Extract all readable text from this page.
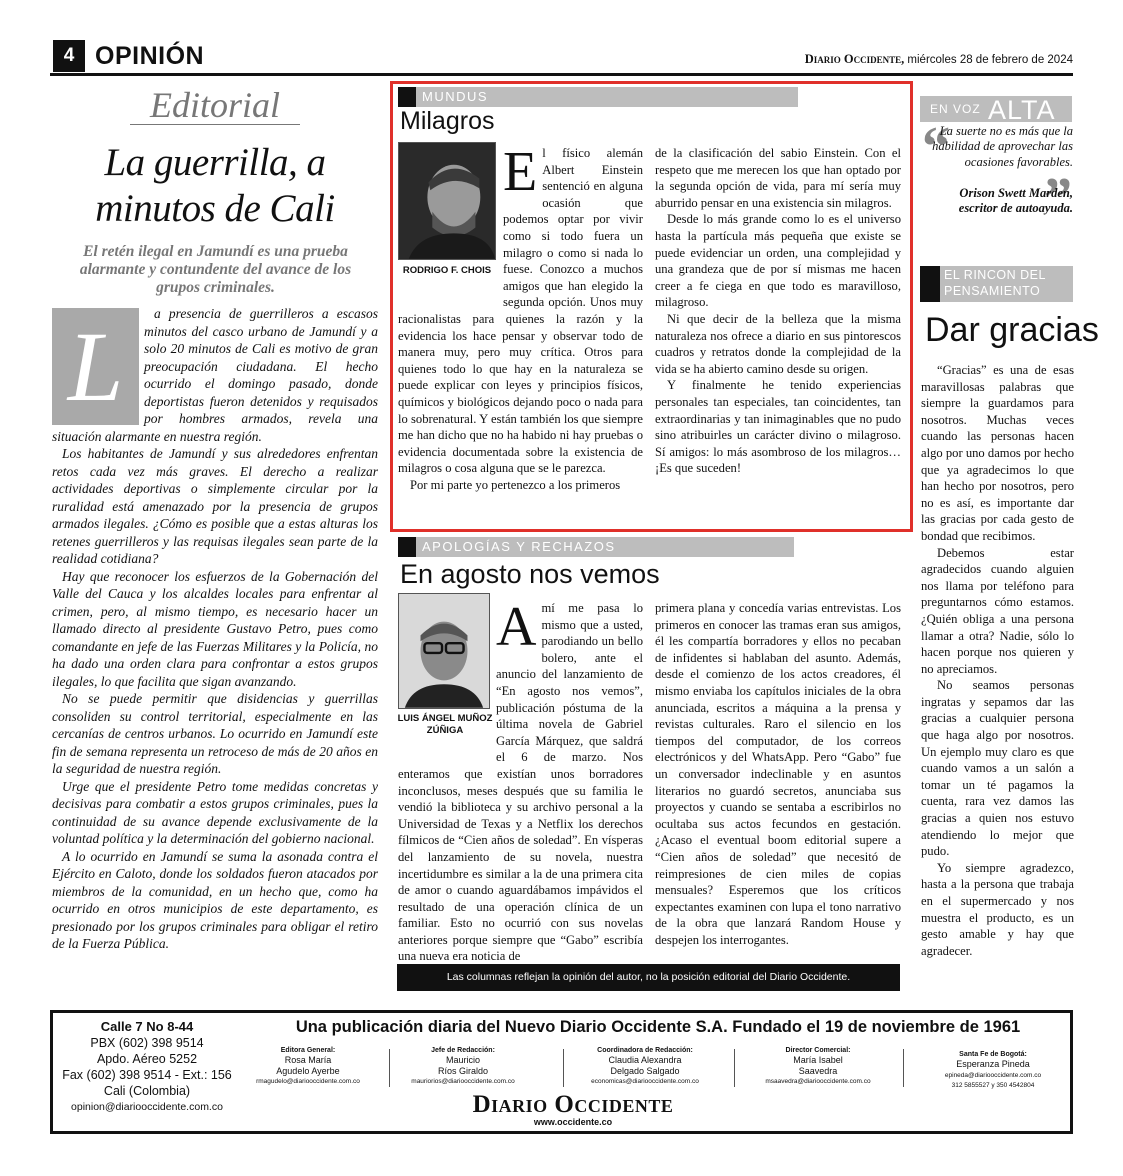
4 OPINIÓN	Diario Occidente, miércoles 28 de febrero de 2024
Editorial
La guerrilla, a minutos de Cali
El retén ilegal en Jamundí es una prueba alarmante y contundente del avance de los grupos criminales.

a presencia de guerrilleros a escasos minutos del casco urbano de Jamundí y a solo 20 minutos de Cali es motivo de gran preocupación ciudadana. El hecho ocurrido el domingo pasado, donde deportistas fueron detenidos y requisados por hombres armados, revela una situación alarmante en nuestra región.

Los habitantes de Jamundí y sus alrededores enfrentan retos cada vez más graves. El derecho a realizar actividades deportivas o simplemente circular por la ruralidad está amenazado por la presencia de grupos armados ilegales. ¿Cómo es posible que a estas alturas los retenes guerrilleros y las requisas ilegales sean parte de la realidad cotidiana?

Hay que reconocer los esfuerzos de la Gobernación del Valle del Cauca y los alcaldes locales para enfrentar al crimen, pero, al mismo tiempo, es necesario hacer un llamado directo al presidente Gustavo Petro, pues como comandante en jefe de las Fuerzas Militares y la Policía, no ha dado una orden clara para confrontar a estos grupos ilegales, lo que facilita que sigan avanzando.

No se puede permitir que disidencias y guerrillas consoliden su control territorial, especialmente en las cercanías de centros urbanos. Lo ocurrido en Jamundí este fin de semana representa un retroceso de más de 20 años en la seguridad de nuestra región.

Urge que el presidente Petro tome medidas concretas y decisivas para combatir a estos grupos criminales, pues la continuidad de su avance depende exclusivamente de la voluntad política y la determinación del gobierno nacional.

A lo ocurrido en Jamundí se suma la asonada contra el Ejército en Caloto, donde los soldados fueron atacados por miembros de la comunidad, en un hecho que, como ha ocurrido en otros municipios de este departamento, es presionado por los grupos criminales para obligar el retiro de la Fuerza Pública.

L
MUNDUS
Milagros
RODRIGO F. CHOIS
E l físico alemán Albert Einstein sentenció en alguna ocasión que podemos optar por vivir como si todo fuera un milagro o como si nada lo fuese. Conozco a muchos amigos que han elegido la segunda opción. Unos muy racionalistas para quienes la razón y la evidencia los hace pensar y observar todo de manera muy, pero muy crítica. Otros para quienes todo lo que hay en la naturaleza se puede explicar con leyes y principios físicos, químicos y biológicos dejando poco o nada para lo sobrenatural. Y están también los que siempre me han dicho que no ha habido ni hay pruebas o evidencia documentada sobre la existencia de milagros o cosa alguna que se le parezca.

Por mi parte yo pertenezco a los primeros

de la clasificación del sabio Einstein. Con el respeto que me merecen los que han optado por la segunda opción de vida, para mí sería muy aburrido pensar en una existencia sin milagros.

Desde lo más grande como lo es el universo hasta la partícula más pequeña que existe se puede evidenciar un orden, una complejidad y una grandeza que de por sí mismas me hacen creer a fe ciega en que todo es maravilloso, milagroso.

Ni que decir de la belleza que la misma naturaleza nos ofrece a diario en sus pintorescos cuadros y retratos donde la complejidad de la vida se ha abierto camino desde su origen.

Y finalmente he tenido experiencias personales tan especiales, tan coincidentes, tan extraordinarias y tan inimaginables que no pudo sino atribuirles un carácter divino o milagroso. Sí amigos: lo más asombroso de los milagros… ¡Es que suceden!

APOLOGÍAS Y RECHAZOS
En agosto nos vemos
LUIS ÁNGEL MUÑOZ ZÚÑIGA
A mí me pasa lo mismo que a usted, parodiando un bello bolero, ante el anuncio del lanzamiento de “En agosto nos vemos”, publicación póstuma de la última novela de Gabriel García Márquez, que saldrá el 6 de marzo. Nos enteramos que existían unos borradores inconclusos, meses después que su familia le vendió la biblioteca y su archivo personal a la Universidad de Texas y a Netflix los derechos fílmicos de “Cien años de soledad”. En vísperas del lanzamiento de su novela, nuestra incertidumbre es similar a la de una primera cita de amor o cuando aguardábamos impávidos el resultado de una operación clínica de un familiar. Esto no ocurrió con sus novelas anteriores porque siempre que “Gabo” escribía una nueva era noticia de

primera plana y concedía varias entrevistas. Los primeros en conocer las tramas eran sus amigos, él les compartía borradores y ellos no pecaban de infidentes si hablaban del asunto. Además, desde el comienzo de los actos creadores, él mismo enviaba los capítulos iniciales de la obra anunciada, escritos a máquina a la prensa y revistas culturales. Raro el silencio en los tiempos del computador, de los correos electrónicos y del WhatsApp. Pero “Gabo” fue un conversador indeclinable y en asuntos literarios no guardó secretos, anunciaba sus proyectos y cuando se sentaba a escribirlos no ocultaba sus actos fecundos en gestación. ¿Acaso el eventual boom editorial supere a “Cien años de soledad” que necesitó de reimpresiones de cien miles de copias mensuales? Esperemos que los críticos expectantes examinen con lupa el tono narrativo de la obra que lanzará Random House y despejen los interrogantes.

EN VOZ ALTA
“
La suerte no es más que la habilidad de aprovechar las ocasiones favorables.
”
Orison Swett Marden, escritor de autoayuda.
EL RINCON DEL PENSAMIENTO
Dar gracias

“Gracias” es una de esas maravillosas palabras que siempre la guardamos para nosotros. Muchas veces cuando las personas hacen algo por uno damos por hecho que ya agradecimos lo que han hecho por nosotros, pero no es así, es importante dar las gracias por cada gesto de bondad que recibimos.

Debemos estar agradecidos cuando alguien nos llama por teléfono para preguntarnos cómo estamos. ¿Quién obliga a una persona llamar a otra? Nadie, sólo lo hacen porque nos quieren y no apreciamos.

No seamos personas ingratas y sepamos dar las gracias a cualquier persona que haga algo por nosotros. Un ejemplo muy claro es que cuando vamos a un salón a tomar un té pagamos la cuenta, rara vez damos las gracias a quien nos estuvo atendiendo lo mejor que pudo.

Yo siempre agradezco, hasta a la persona que trabaja en el supermercado y nos muestra el producto, es un gesto amable y hay que agradecer.

Las columnas reflejan la opinión del autor, no la posición editorial del Diario Occidente.
Calle 7 No 8-44
PBX (602) 398 9514
Apdo. Aéreo 5252
Fax (602) 398 9514 - Ext.: 156
Cali (Colombia)
opinion@diariooccidente.com.co
Una publicación diaria del Nuevo Diario Occidente S.A. Fundado el 19 de noviembre de 1961
Editora General:
Rosa María
Agudelo Ayerbe
rmagudelo@diariooccidente.com.co
Jefe de Redacción:
Mauricio
Ríos Giraldo
mauriorios@diariooccidente.com.co
Coordinadora de Redacción:
Claudia Alexandra
Delgado Salgado
economicas@diariooccidente.com.co
Director Comercial:
María Isabel
Saavedra
msaavedra@diariooccidente.com.co
Santa Fe de Bogotá:
Esperanza Pineda
epineda@diariooccidente.com.co
312 5855527 y 350 4542804
Diario Occidente
www.occidente.co
